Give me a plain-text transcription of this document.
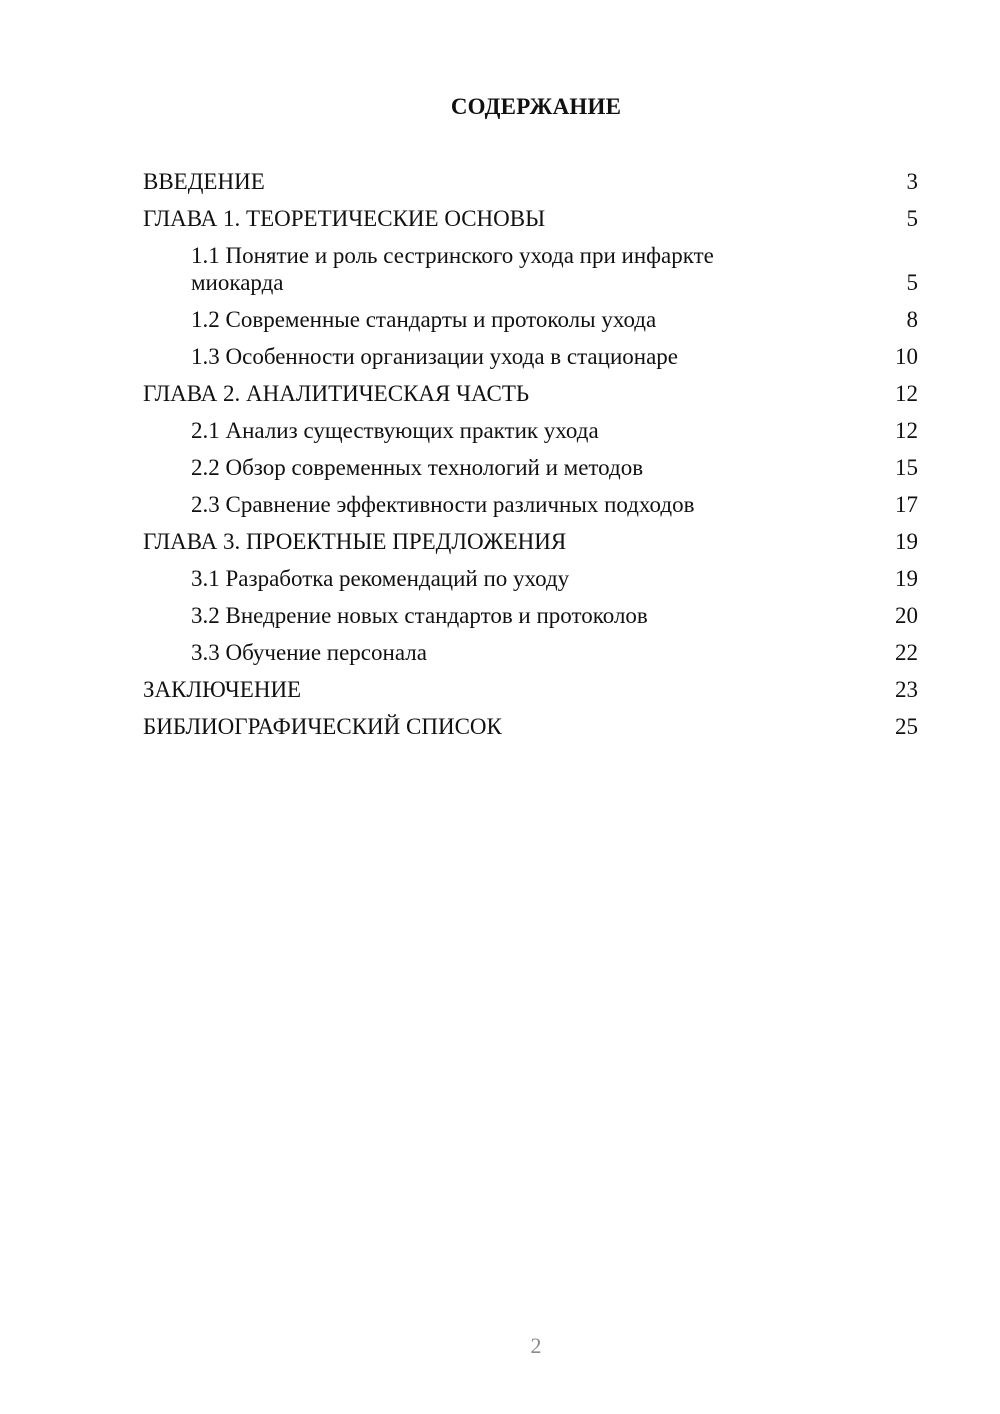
СОДЕРЖАНИЕ
ВВЕДЕНИЕ	3
ГЛАВА 1. ТЕОРЕТИЧЕСКИЕ ОСНОВЫ	5
1.1 Понятие и роль сестринского ухода при инфаркте миокарда	5
1.2 Современные стандарты и протоколы ухода	8
1.3 Особенности организации ухода в стационаре	10
ГЛАВА 2. АНАЛИТИЧЕСКАЯ ЧАСТЬ	12
2.1 Анализ существующих практик ухода	12
2.2 Обзор современных технологий и методов	15
2.3 Сравнение эффективности различных подходов	17
ГЛАВА 3. ПРОЕКТНЫЕ ПРЕДЛОЖЕНИЯ	19
3.1 Разработка рекомендаций по уходу	19
3.2 Внедрение новых стандартов и протоколов	20
3.3 Обучение персонала	22
ЗАКЛЮЧЕНИЕ	23
БИБЛИОГРАФИЧЕСКИЙ СПИСОК	25
2
